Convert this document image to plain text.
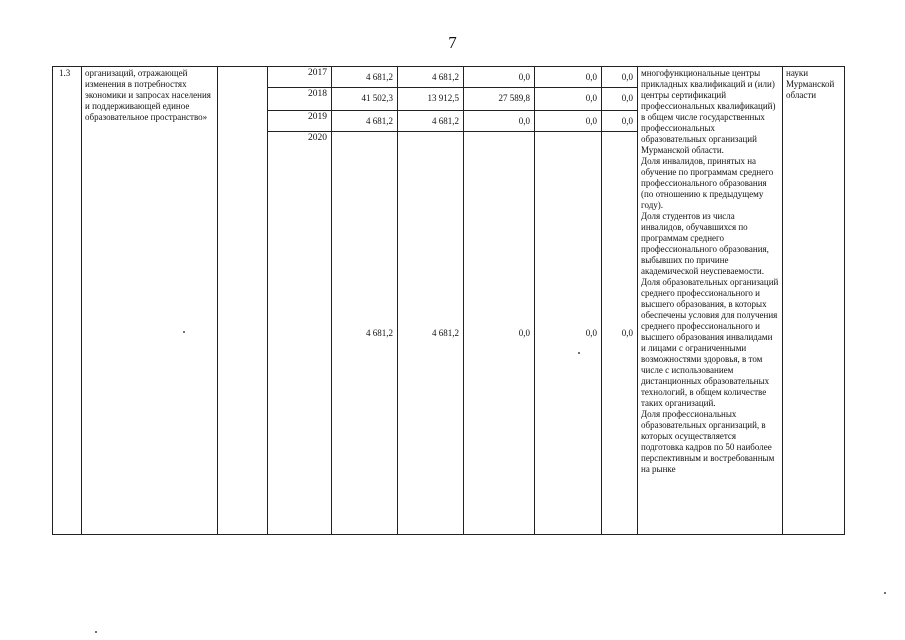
7
1.3	организаций, отражающей изменения в потребностях экономики и запросах населения и поддерживающей единое образовательное пространство»		2017	4 681,2	4 681,2	0,0	0,0	0,0	многофункциональные центры прикладных квалификаций и (или) центры сертификаций профессиональных квалификаций) в общем числе государственных профессиональных образовательных организаций Мурманской области.
Доля инвалидов, принятых на обучение по программам среднего профессионального образования (по отношению к предыдущему году).
Доля студентов из числа инвалидов, обучавшихся по программам среднего профессионального образования, выбывших по причине академической неуспеваемости.
Доля образовательных организаций среднего профессионального и высшего образования, в которых обеспечены условия для получения среднего профессионального и высшего образования инвалидами и лицами с ограниченными возможностями здоровья, в том числе с использованием дистанционных образовательных технологий, в общем количестве таких организаций.
Доля профессиональных образовательных организаций, в которых осуществляется подготовка кадров по 50 наиболее перспективным и востребованным на рынке	науки Мурманской области
			2018	41 502,3	13 912,5	27 589,8	0,0	0,0		
			2019	4 681,2	4 681,2	0,0	0,0	0,0		
			2020	4 681,2	4 681,2	0,0	0,0	0,0		
